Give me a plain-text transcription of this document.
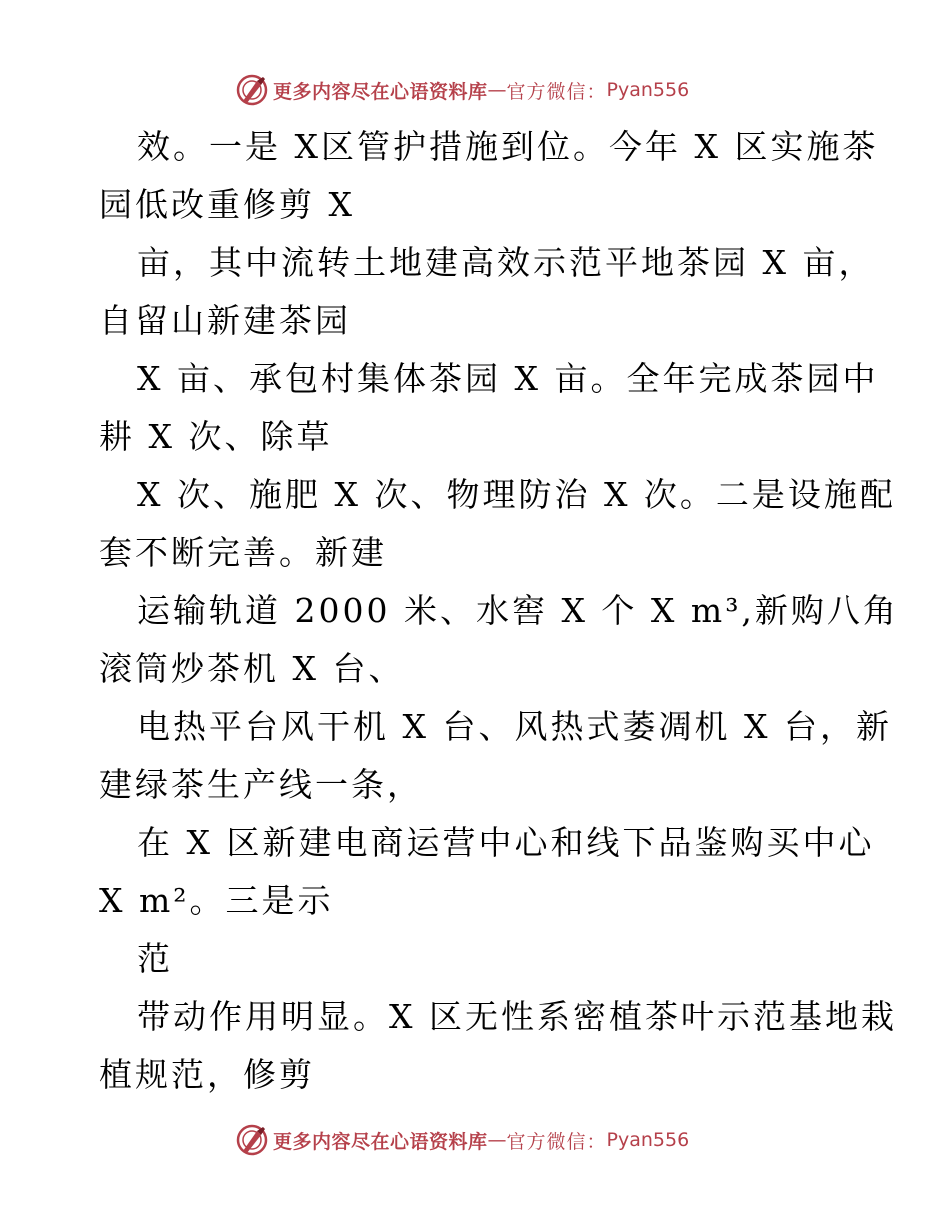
更多内容尽在心语资料库 — 官方微信： Pyan556
效。一是 X区管护措施到位。今年 X 区实施茶
园低改重修剪 X
亩，其中流转土地建高效示范平地茶园 X 亩，
自留山新建茶园
X 亩、承包村集体茶园 X 亩。全年完成茶园中
耕 X 次、除草
X 次、施肥 X 次、物理防治 X 次。二是设施配
套不断完善。新建
运输轨道 2000 米、水窖 X 个 X m³,新购八角
滚筒炒茶机 X 台、
电热平台风干机 X 台、风热式萎凋机 X 台，新
建绿茶生产线一条，
在 X 区新建电商运营中心和线下品鉴购买中心
X m²。三是示
范
带动作用明显。X 区无性系密植茶叶示范基地栽
植规范，修剪
更多内容尽在心语资料库 — 官方微信： Pyan556
